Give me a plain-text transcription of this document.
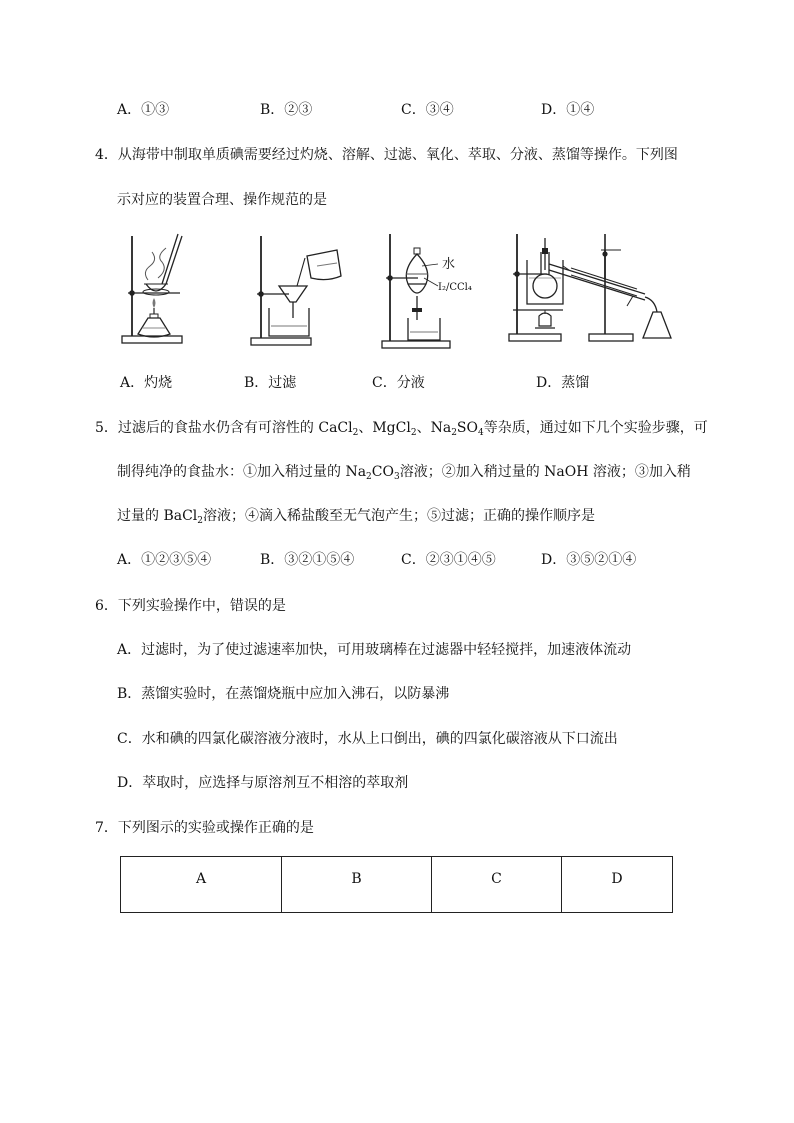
A．①③	B．②③	C．③④	D．①④
4．从海带中制取单质碘需要经过灼烧、溶解、过滤、氧化、萃取、分液、蒸馏等操作。下列图
示对应的装置合理、操作规范的是
水
I₂/CCl₄
A．灼烧	B．过滤	C．分液	D．蒸馏
5．过滤后的食盐水仍含有可溶性的 CaCl$_2$、MgCl$_2$、$Na_2SO_4$等杂质，通过如下几个实验步骤，可
制得纯净的食盐水：①加入稍过量的 $Na_2CO_3$溶液；②加入稍过量的 NaOH 溶液；③加入稍
过量的 BaCl$_2$溶液；④滴入稀盐酸至无气泡产生；⑤过滤；正确的操作顺序是
A．①②③⑤④	B．③②①⑤④	C．②③①④⑤	D．③⑤②①④
6．下列实验操作中，错误的是
A．过滤时，为了使过滤速率加快，可用玻璃棒在过滤器中轻轻搅拌，加速液体流动
B．蒸馏实验时，在蒸馏烧瓶中应加入沸石，以防暴沸
C．水和碘的四氯化碳溶液分液时，水从上口倒出，碘的四氯化碳溶液从下口流出
D．萃取时，应选择与原溶剂互不相溶的萃取剂
7．下列图示的实验或操作正确的是
A	B	C	D
